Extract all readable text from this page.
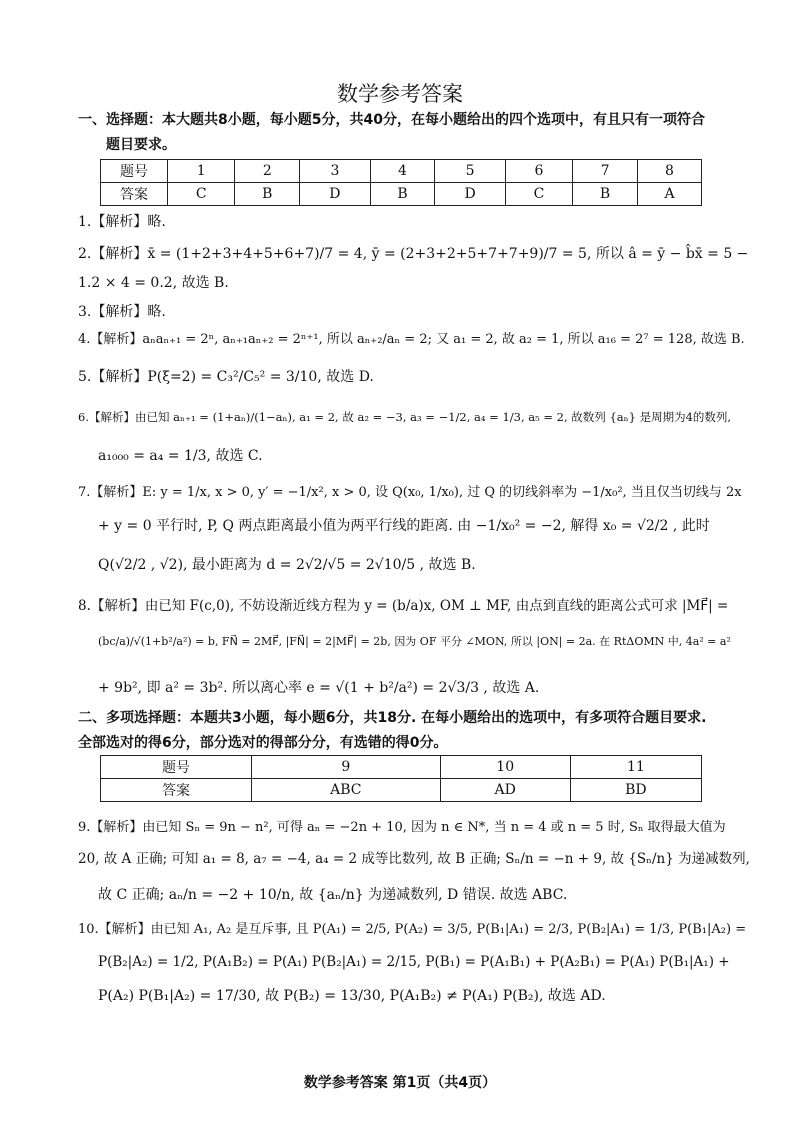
数学参考答案
一、选择题：本大题共8小题，每小题5分，共40分，在每小题给出的四个选项中，有且只有一项符合
题目要求。
题号	1	2	3	4	5	6	7	8
答案	C	B	D	B	D	C	B	A
1.【解析】略.
2.【解析】x̄ = (1+2+3+4+5+6+7)/7 = 4, ȳ = (2+3+2+5+7+7+9)/7 = 5, 所以 â = ȳ − b̂x̄ = 5 −
1.2 × 4 = 0.2, 故选 B.
3.【解析】略.
4.【解析】aₙaₙ₊₁ = 2ⁿ, aₙ₊₁aₙ₊₂ = 2ⁿ⁺¹, 所以 aₙ₊₂/aₙ = 2; 又 a₁ = 2, 故 a₂ = 1, 所以 a₁₆ = 2⁷ = 128, 故选 B.
5.【解析】P(ξ=2) = C₃²/C₅² = 3/10, 故选 D.
6.【解析】由已知 aₙ₊₁ = (1+aₙ)/(1−aₙ), a₁ = 2, 故 a₂ = −3, a₃ = −1/2, a₄ = 1/3, a₅ = 2, 故数列 {aₙ} 是周期为4的数列,
a₁₀₀₀ = a₄ = 1/3, 故选 C.
7.【解析】E: y = 1/x, x > 0, y′ = −1/x², x > 0, 设 Q(x₀, 1/x₀), 过 Q 的切线斜率为 −1/x₀², 当且仅当切线与 2x
+ y = 0 平行时, P, Q 两点距离最小值为两平行线的距离. 由 −1/x₀² = −2, 解得 x₀ = √2/2 , 此时
Q(√2/2 , √2), 最小距离为 d = 2√2/√5 = 2√10/5 , 故选 B.
8.【解析】由已知 F(c,0), 不妨设渐近线方程为 y = (b/a)x, OM ⊥ MF, 由点到直线的距离公式可求 |MF⃗| =
(bc/a)/√(1+b²/a²) = b, FN⃗ = 2MF⃗, |FN⃗| = 2|MF⃗| = 2b, 因为 OF 平分 ∠MON, 所以 |ON| = 2a. 在 RtΔOMN 中, 4a² = a²
+ 9b², 即 a² = 3b². 所以离心率 e = √(1 + b²/a²) = 2√3/3 , 故选 A.
二、多项选择题：本题共3小题，每小题6分，共18分. 在每小题给出的选项中，有多项符合题目要求.
全部选对的得6分，部分选对的得部分分，有选错的得0分。
题号	9	10	11
答案	ABC	AD	BD
9.【解析】由已知 Sₙ = 9n − n², 可得 aₙ = −2n + 10, 因为 n ∈ N*, 当 n = 4 或 n = 5 时, Sₙ 取得最大值为
20, 故 A 正确; 可知 a₁ = 8, a₇ = −4, a₄ = 2 成等比数列, 故 B 正确; Sₙ/n = −n + 9, 故 {Sₙ/n} 为递减数列,
故 C 正确; aₙ/n = −2 + 10/n, 故 {aₙ/n} 为递减数列, D 错误. 故选 ABC.
10.【解析】由已知 A₁, A₂ 是互斥事, 且 P(A₁) = 2/5, P(A₂) = 3/5, P(B₁|A₁) = 2/3, P(B₂|A₁) = 1/3, P(B₁|A₂) =
P(B₂|A₂) = 1/2, P(A₁B₂) = P(A₁) P(B₂|A₁) = 2/15, P(B₁) = P(A₁B₁) + P(A₂B₁) = P(A₁) P(B₁|A₁) +
P(A₂) P(B₁|A₂) = 17/30, 故 P(B₂) = 13/30, P(A₁B₂) ≠ P(A₁) P(B₂), 故选 AD.
数学参考答案 第1页（共4页）
